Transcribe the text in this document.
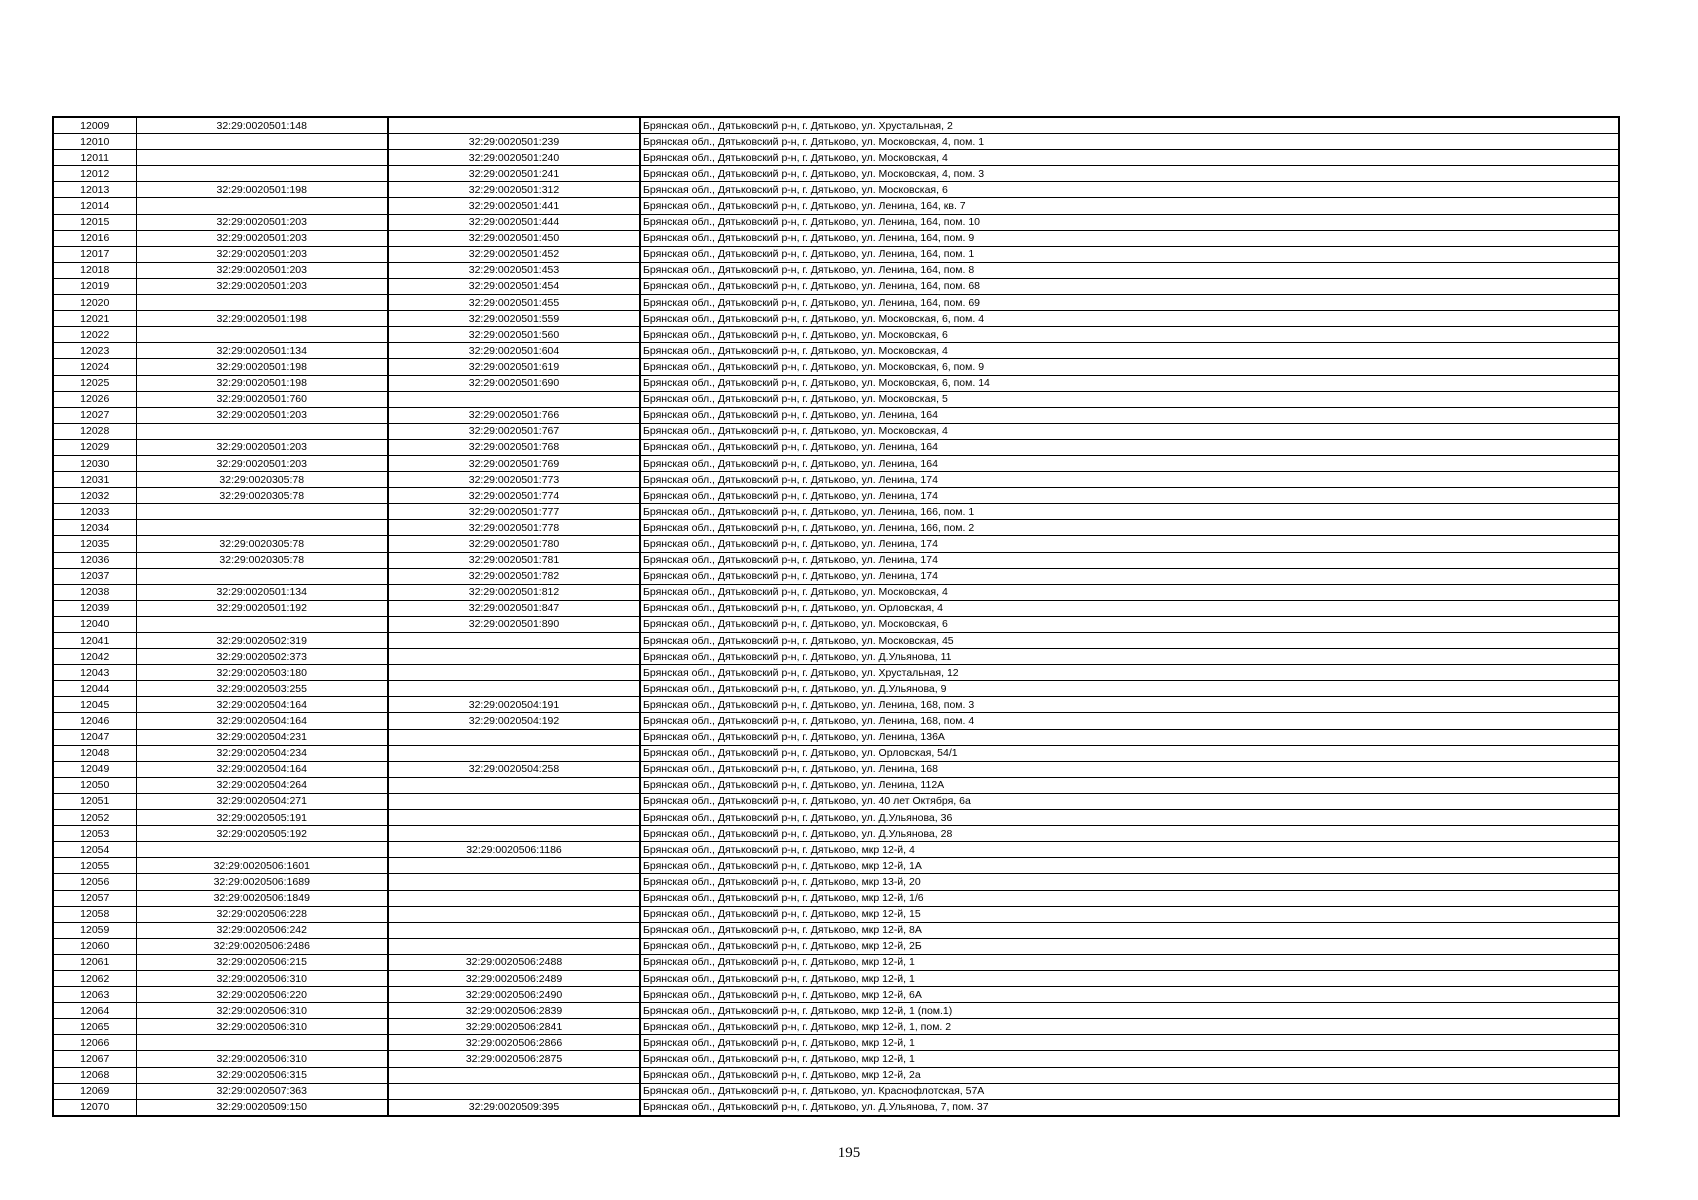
12009	32:29:0020501:148		Брянская обл., Дятьковский р-н, г. Дятьково, ул. Хрустальная, 2
12010		32:29:0020501:239	Брянская обл., Дятьковский р-н, г. Дятьково, ул. Московская, 4, пом. 1
12011		32:29:0020501:240	Брянская обл., Дятьковский р-н, г. Дятьково, ул. Московская, 4
12012		32:29:0020501:241	Брянская обл., Дятьковский р-н, г. Дятьково, ул. Московская, 4, пом. 3
12013	32:29:0020501:198	32:29:0020501:312	Брянская обл., Дятьковский р-н, г. Дятьково, ул. Московская, 6
12014		32:29:0020501:441	Брянская обл., Дятьковский р-н, г. Дятьково, ул. Ленина, 164, кв. 7
12015	32:29:0020501:203	32:29:0020501:444	Брянская обл., Дятьковский р-н, г. Дятьково, ул. Ленина, 164, пом. 10
12016	32:29:0020501:203	32:29:0020501:450	Брянская обл., Дятьковский р-н, г. Дятьково, ул. Ленина, 164, пом. 9
12017	32:29:0020501:203	32:29:0020501:452	Брянская обл., Дятьковский р-н, г. Дятьково, ул. Ленина, 164, пом. 1
12018	32:29:0020501:203	32:29:0020501:453	Брянская обл., Дятьковский р-н, г. Дятьково, ул. Ленина, 164, пом. 8
12019	32:29:0020501:203	32:29:0020501:454	Брянская обл., Дятьковский р-н, г. Дятьково, ул. Ленина, 164, пом. 68
12020		32:29:0020501:455	Брянская обл., Дятьковский р-н, г. Дятьково, ул. Ленина, 164, пом. 69
12021	32:29:0020501:198	32:29:0020501:559	Брянская обл., Дятьковский р-н, г. Дятьково, ул. Московская, 6, пом. 4
12022		32:29:0020501:560	Брянская обл., Дятьковский р-н, г. Дятьково, ул. Московская, 6
12023	32:29:0020501:134	32:29:0020501:604	Брянская обл., Дятьковский р-н, г. Дятьково, ул. Московская, 4
12024	32:29:0020501:198	32:29:0020501:619	Брянская обл., Дятьковский р-н, г. Дятьково, ул. Московская, 6, пом. 9
12025	32:29:0020501:198	32:29:0020501:690	Брянская обл., Дятьковский р-н, г. Дятьково, ул. Московская, 6, пом. 14
12026	32:29:0020501:760		Брянская обл., Дятьковский р-н, г. Дятьково, ул. Московская, 5
12027	32:29:0020501:203	32:29:0020501:766	Брянская обл., Дятьковский р-н, г. Дятьково, ул. Ленина, 164
12028		32:29:0020501:767	Брянская обл., Дятьковский р-н, г. Дятьково, ул. Московская, 4
12029	32:29:0020501:203	32:29:0020501:768	Брянская обл., Дятьковский р-н, г. Дятьково, ул. Ленина, 164
12030	32:29:0020501:203	32:29:0020501:769	Брянская обл., Дятьковский р-н, г. Дятьково, ул. Ленина, 164
12031	32:29:0020305:78	32:29:0020501:773	Брянская обл., Дятьковский р-н, г. Дятьково, ул. Ленина, 174
12032	32:29:0020305:78	32:29:0020501:774	Брянская обл., Дятьковский р-н, г. Дятьково, ул. Ленина, 174
12033		32:29:0020501:777	Брянская обл., Дятьковский р-н, г. Дятьково, ул. Ленина, 166, пом. 1
12034		32:29:0020501:778	Брянская обл., Дятьковский р-н, г. Дятьково, ул. Ленина, 166, пом. 2
12035	32:29:0020305:78	32:29:0020501:780	Брянская обл., Дятьковский р-н, г. Дятьково, ул. Ленина, 174
12036	32:29:0020305:78	32:29:0020501:781	Брянская обл., Дятьковский р-н, г. Дятьково, ул. Ленина, 174
12037		32:29:0020501:782	Брянская обл., Дятьковский р-н, г. Дятьково, ул. Ленина, 174
12038	32:29:0020501:134	32:29:0020501:812	Брянская обл., Дятьковский р-н, г. Дятьково, ул. Московская, 4
12039	32:29:0020501:192	32:29:0020501:847	Брянская обл., Дятьковский р-н, г. Дятьково, ул. Орловская, 4
12040		32:29:0020501:890	Брянская обл., Дятьковский р-н, г. Дятьково, ул. Московская, 6
12041	32:29:0020502:319		Брянская обл., Дятьковский р-н, г. Дятьково, ул. Московская, 45
12042	32:29:0020502:373		Брянская обл., Дятьковский р-н, г. Дятьково, ул. Д.Ульянова, 11
12043	32:29:0020503:180		Брянская обл., Дятьковский р-н, г. Дятьково, ул. Хрустальная, 12
12044	32:29:0020503:255		Брянская обл., Дятьковский р-н, г. Дятьково, ул. Д.Ульянова, 9
12045	32:29:0020504:164	32:29:0020504:191	Брянская обл., Дятьковский р-н, г. Дятьково, ул. Ленина, 168, пом. 3
12046	32:29:0020504:164	32:29:0020504:192	Брянская обл., Дятьковский р-н, г. Дятьково, ул. Ленина, 168, пом. 4
12047	32:29:0020504:231		Брянская обл., Дятьковский р-н, г. Дятьково, ул. Ленина, 136А
12048	32:29:0020504:234		Брянская обл., Дятьковский р-н, г. Дятьково, ул. Орловская, 54/1
12049	32:29:0020504:164	32:29:0020504:258	Брянская обл., Дятьковский р-н, г. Дятьково, ул. Ленина, 168
12050	32:29:0020504:264		Брянская обл., Дятьковский р-н, г. Дятьково, ул. Ленина, 112А
12051	32:29:0020504:271		Брянская обл., Дятьковский р-н, г. Дятьково, ул. 40 лет Октября, 6а
12052	32:29:0020505:191		Брянская обл., Дятьковский р-н, г. Дятьково, ул. Д.Ульянова, 36
12053	32:29:0020505:192		Брянская обл., Дятьковский р-н, г. Дятьково, ул. Д.Ульянова, 28
12054		32:29:0020506:1186	Брянская обл., Дятьковский р-н, г. Дятьково, мкр 12-й, 4
12055	32:29:0020506:1601		Брянская обл., Дятьковский р-н, г. Дятьково, мкр 12-й, 1А
12056	32:29:0020506:1689		Брянская обл., Дятьковский р-н, г. Дятьково, мкр 13-й, 20
12057	32:29:0020506:1849		Брянская обл., Дятьковский р-н, г. Дятьково, мкр 12-й, 1/6
12058	32:29:0020506:228		Брянская обл., Дятьковский р-н, г. Дятьково, мкр 12-й, 15
12059	32:29:0020506:242		Брянская обл., Дятьковский р-н, г. Дятьково, мкр 12-й, 8А
12060	32:29:0020506:2486		Брянская обл., Дятьковский р-н, г. Дятьково, мкр 12-й, 2Б
12061	32:29:0020506:215	32:29:0020506:2488	Брянская обл., Дятьковский р-н, г. Дятьково, мкр 12-й, 1
12062	32:29:0020506:310	32:29:0020506:2489	Брянская обл., Дятьковский р-н, г. Дятьково, мкр 12-й, 1
12063	32:29:0020506:220	32:29:0020506:2490	Брянская обл., Дятьковский р-н, г. Дятьково, мкр 12-й, 6А
12064	32:29:0020506:310	32:29:0020506:2839	Брянская обл., Дятьковский р-н, г. Дятьково, мкр 12-й, 1 (пом.1)
12065	32:29:0020506:310	32:29:0020506:2841	Брянская обл., Дятьковский р-н, г. Дятьково, мкр 12-й, 1, пом. 2
12066		32:29:0020506:2866	Брянская обл., Дятьковский р-н, г. Дятьково, мкр 12-й, 1
12067	32:29:0020506:310	32:29:0020506:2875	Брянская обл., Дятьковский р-н, г. Дятьково, мкр 12-й, 1
12068	32:29:0020506:315		Брянская обл., Дятьковский р-н, г. Дятьково, мкр 12-й, 2а
12069	32:29:0020507:363		Брянская обл., Дятьковский р-н, г. Дятьково, ул. Краснофлотская, 57А
12070	32:29:0020509:150	32:29:0020509:395	Брянская обл., Дятьковский р-н, г. Дятьково, ул. Д.Ульянова, 7, пом. 37
195
